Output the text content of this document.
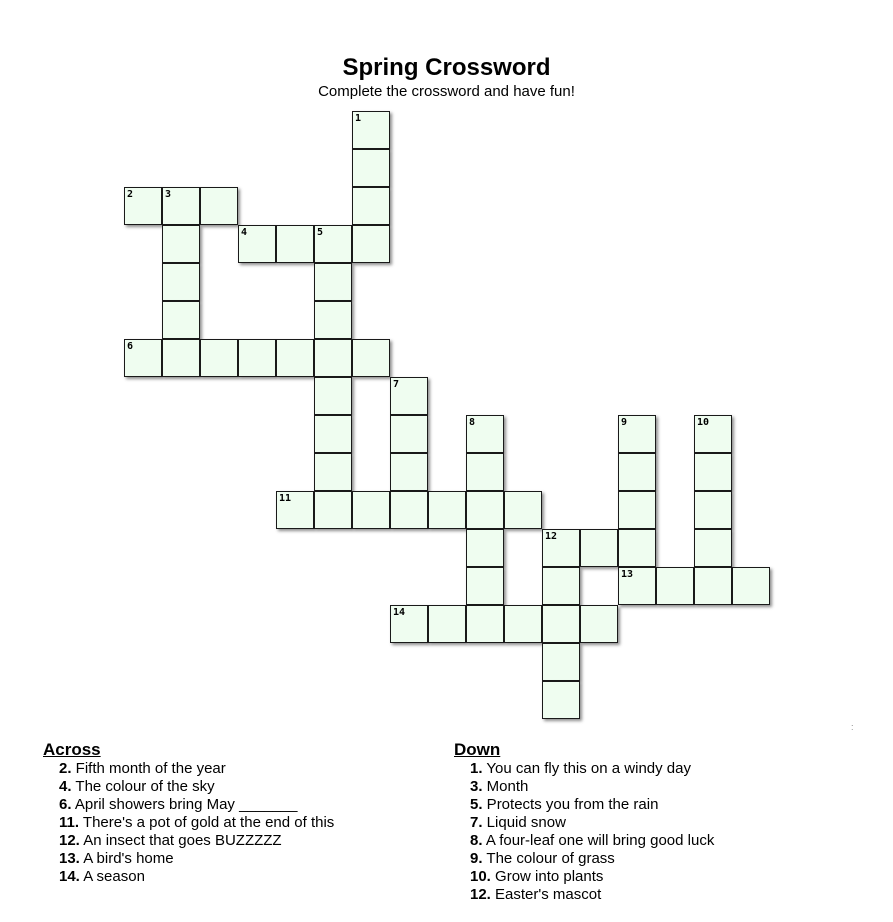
Spring Crossword
Complete the crossword and have fun!
1
2	3
4	5
6
7
8	9	10
11
12
13
14
Across
2. Fifth month of the year
4. The colour of the sky
6. April showers bring May _______
11. There's a pot of gold at the end of this
12. An insect that goes BUZZZZZ
13. A bird's home
14. A season
Down
1. You can fly this on a windy day
3. Month
5. Protects you from the rain
7. Liquid snow
8. A four-leaf one will bring good luck
9. The colour of grass
10. Grow into plants
12. Easter's mascot
:
